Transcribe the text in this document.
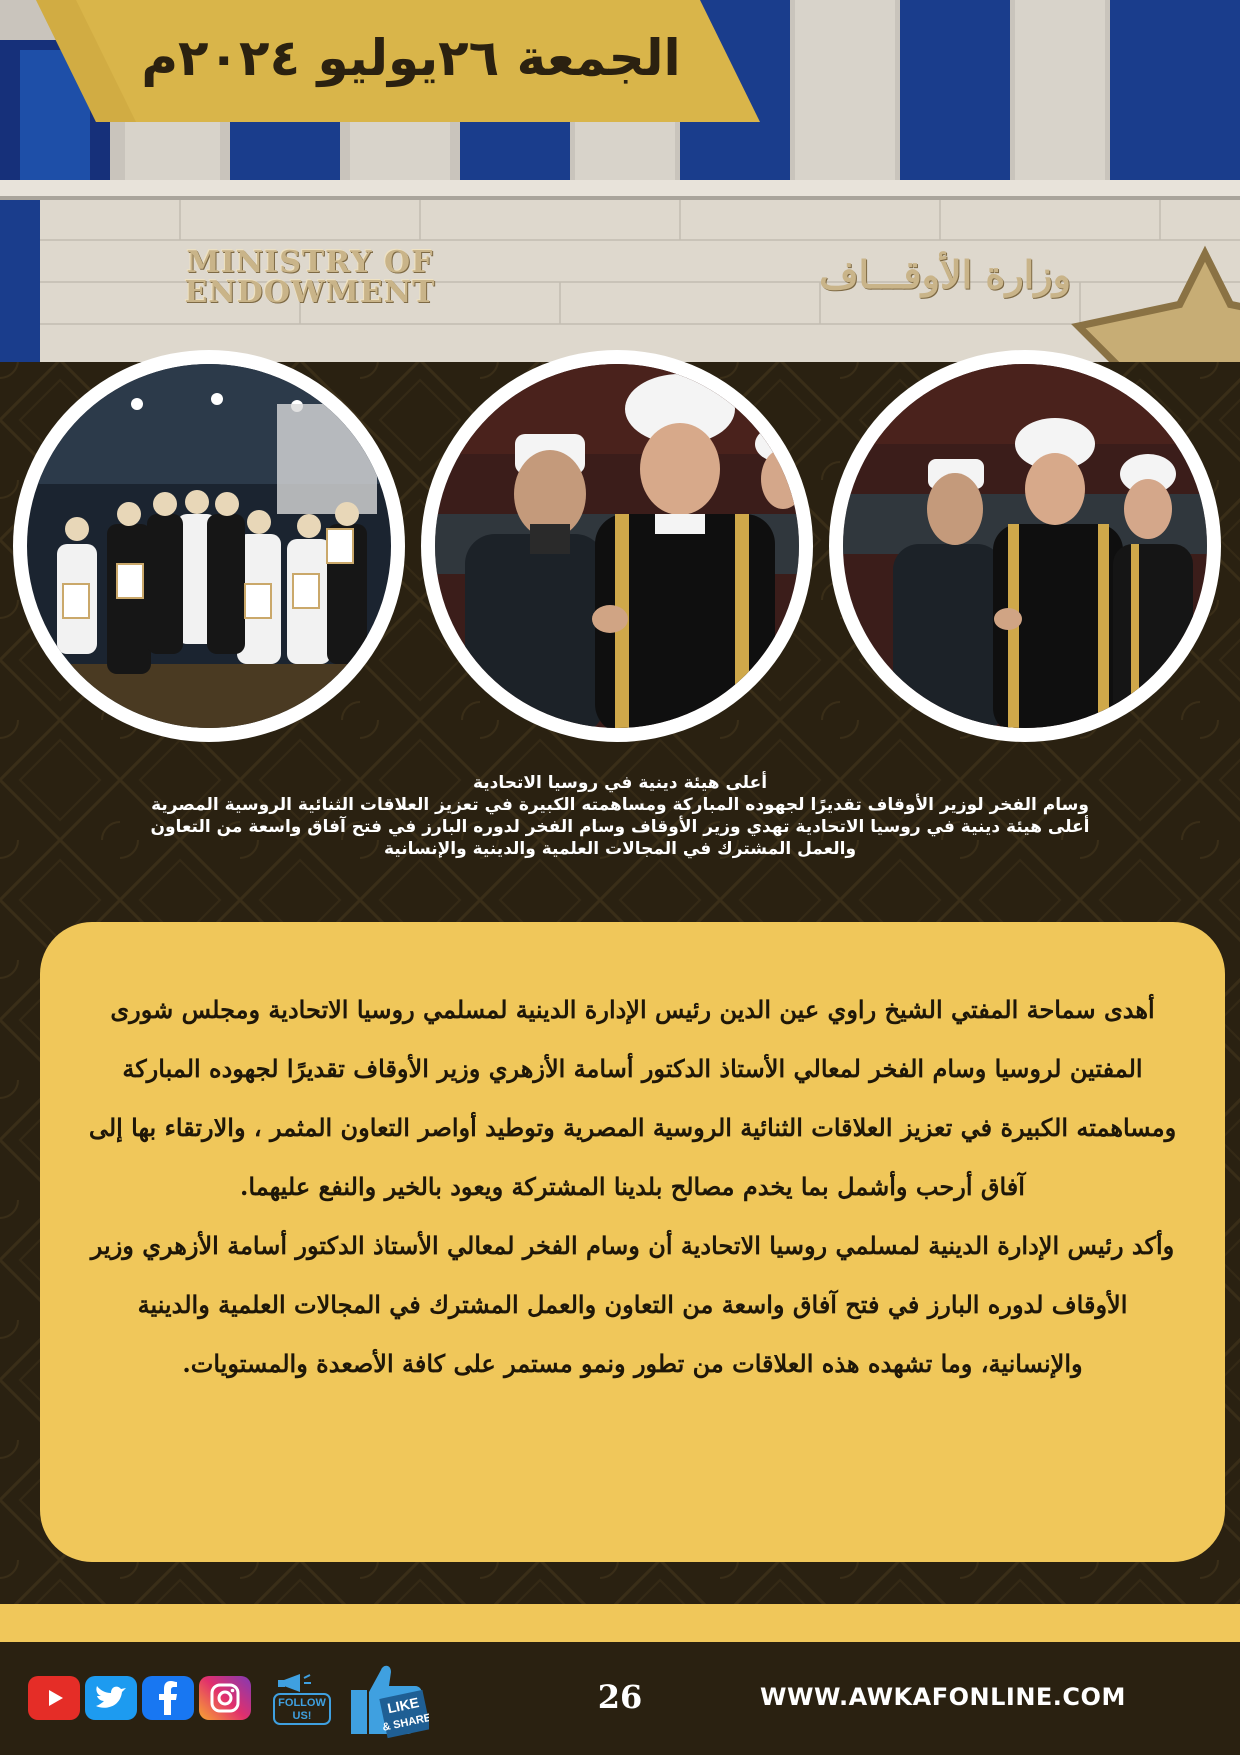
MINISTRY OF
ENDOWMENT	وزارة الأوقـــاف
الجمعة ٢٦يوليو ٢٠٢٤م

أعلى هيئة دينية في روسيا الاتحادية

وسام الفخر لوزير الأوقاف تقديرًا لجهوده المباركة ومساهمته الكبيرة في تعزيز العلاقات الثنائية الروسية المصرية

أعلى هيئة دينية في روسيا الاتحادية تهدي وزير الأوقاف وسام الفخر لدوره البارز في فتح آفاق واسعة من التعاون

والعمل المشترك في المجالات العلمية والدينية والإنسانية

أهدى سماحة المفتي الشيخ راوي عين الدين رئيس الإدارة الدينية لمسلمي روسيا الاتحادية ومجلس شورى المفتين لروسيا وسام الفخر لمعالي الأستاذ الدكتور أسامة الأزهري وزير الأوقاف تقديرًا لجهوده المباركة ومساهمته الكبيرة في تعزيز العلاقات الثنائية الروسية المصرية وتوطيد أواصر التعاون المثمر ، والارتقاء بها إلى آفاق أرحب وأشمل بما يخدم مصالح بلدينا المشتركة ويعود بالخير والنفع عليهما.

وأكد رئيس الإدارة الدينية لمسلمي روسيا الاتحادية أن وسام الفخر لمعالي الأستاذ الدكتور أسامة الأزهري وزير الأوقاف لدوره البارز في فتح آفاق واسعة من التعاون والعمل المشترك في المجالات العلمية والدينية والإنسانية، وما تشهده هذه العلاقات من تطور ونمو مستمر على كافة الأصعدة والمستويات.

FOLLOW
US!	LIKE
& SHARE
26	WWW.AWKAFONLINE.COM
